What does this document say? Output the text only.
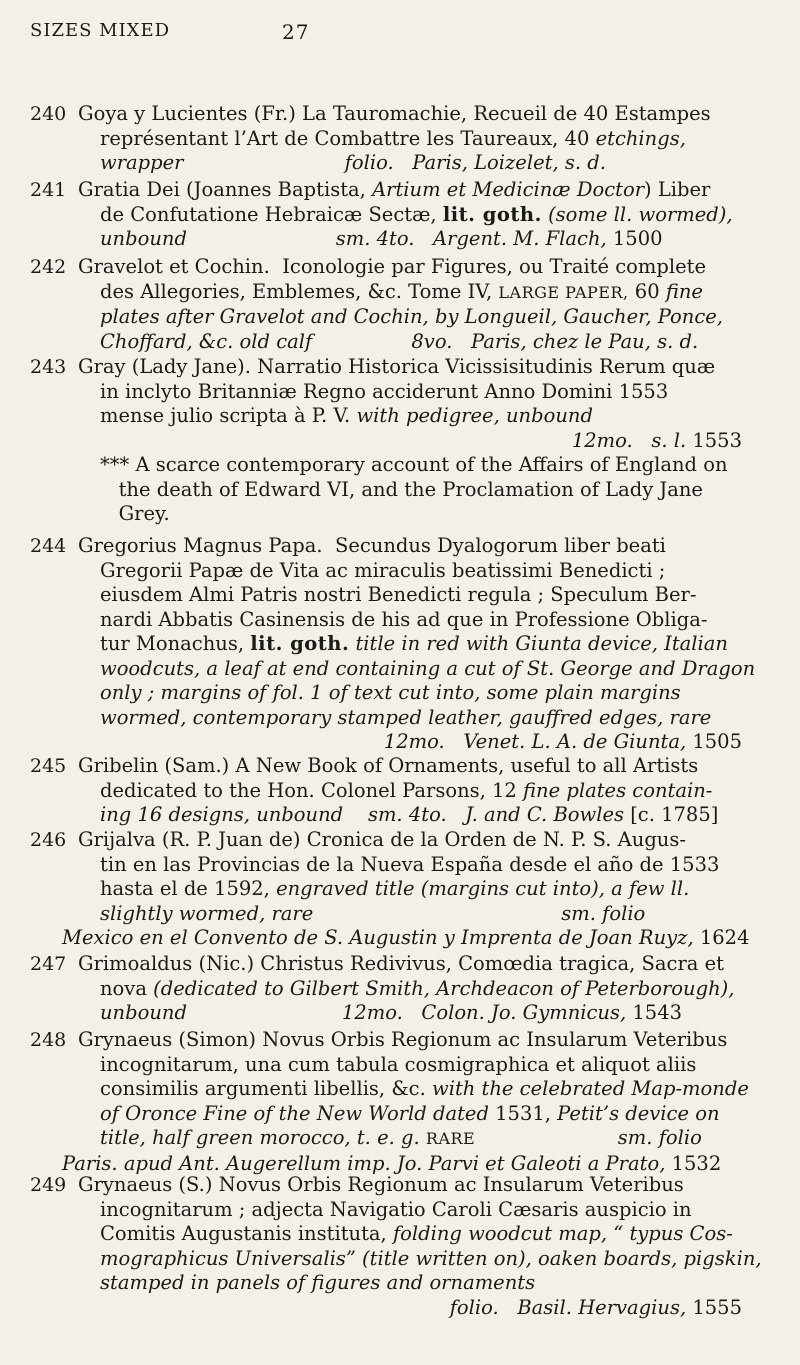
SIZES MIXED	27
240 Goya y Lucientes (Fr.) La Tauromachie, Recueil de 40 Estampes
représentant l’Art de Combattre les Taureaux, 40 etchings,
wrapper	folio.   Paris, Loizelet, s. d.
241 Gratia Dei (Joannes Baptista, Artium et Medicinæ Doctor) Liber
de Confutatione Hebraicæ Sectæ, lit. goth. (some ll. wormed),
unbound	sm. 4to.   Argent. M. Flach, 1500
242 Gravelot et Cochin.  Iconologie par Figures, ou Traité complete
des Allegories, Emblemes, &c. Tome IV, LARGE PAPER, 60 fine
plates after Gravelot and Cochin, by Longueil, Gaucher, Ponce,
Choffard, &c. old calf	8vo.   Paris, chez le Pau, s. d.
243 Gray (Lady Jane). Narratio Historica Vicissisitudinis Rerum quæ
in inclyto Britanniæ Regno acciderunt Anno Domini 1553
mense julio scripta à P. V. with pedigree, unbound
12mo.   s. l. 1553
*** A scarce contemporary account of the Affairs of England on
the death of Edward VI, and the Proclamation of Lady Jane
Grey.
244 Gregorius Magnus Papa.  Secundus Dyalogorum liber beati
Gregorii Papæ de Vita ac miraculis beatissimi Benedicti ;
eiusdem Almi Patris nostri Benedicti regula ; Speculum Ber-
nardi Abbatis Casinensis de his ad que in Professione Obliga-
tur Monachus, lit. goth. title in red with Giunta device, Italian
woodcuts, a leaf at end containing a cut of St. George and Dragon
only ; margins of fol. 1 of text cut into, some plain margins
wormed, contemporary stamped leather, gauffred edges, rare
12mo.   Venet. L. A. de Giunta, 1505
245 Gribelin (Sam.) A New Book of Ornaments, useful to all Artists
dedicated to the Hon. Colonel Parsons, 12 fine plates contain-
ing 16 designs, unbound sm. 4to.   J. and C. Bowles [c. 1785]
246 Grijalva (R. P. Juan de) Cronica de la Orden de N. P. S. Augus-
tin en las Provincias de la Nueva España desde el año de 1533
hasta el de 1592, engraved title (margins cut into), a few ll.
slightly wormed, rare	sm. folio
Mexico en el Convento de S. Augustin y Imprenta de Joan Ruyz, 1624
247 Grimoaldus (Nic.) Christus Redivivus, Comœdia tragica, Sacra et
nova (dedicated to Gilbert Smith, Archdeacon of Peterborough),
unbound	12mo.   Colon. Jo. Gymnicus, 1543
248 Grynaeus (Simon) Novus Orbis Regionum ac Insularum Veteribus
incognitarum, una cum tabula cosmigraphica et aliquot aliis
consimilis argumenti libellis, &c. with the celebrated Map-monde
of Oronce Fine of the New World dated 1531, Petit’s device on
title, half green morocco, t. e. g. RARE	sm. folio
Paris. apud Ant. Augerellum imp. Jo. Parvi et Galeoti a Prato, 1532
249 Grynaeus (S.) Novus Orbis Regionum ac Insularum Veteribus
incognitarum ; adjecta Navigatio Caroli Cæsaris auspicio in
Comitis Augustanis instituta, folding woodcut map, “ typus Cos-
mographicus Universalis” (title written on), oaken boards, pigskin,
stamped in panels of figures and ornaments
folio.   Basil. Hervagius, 1555
